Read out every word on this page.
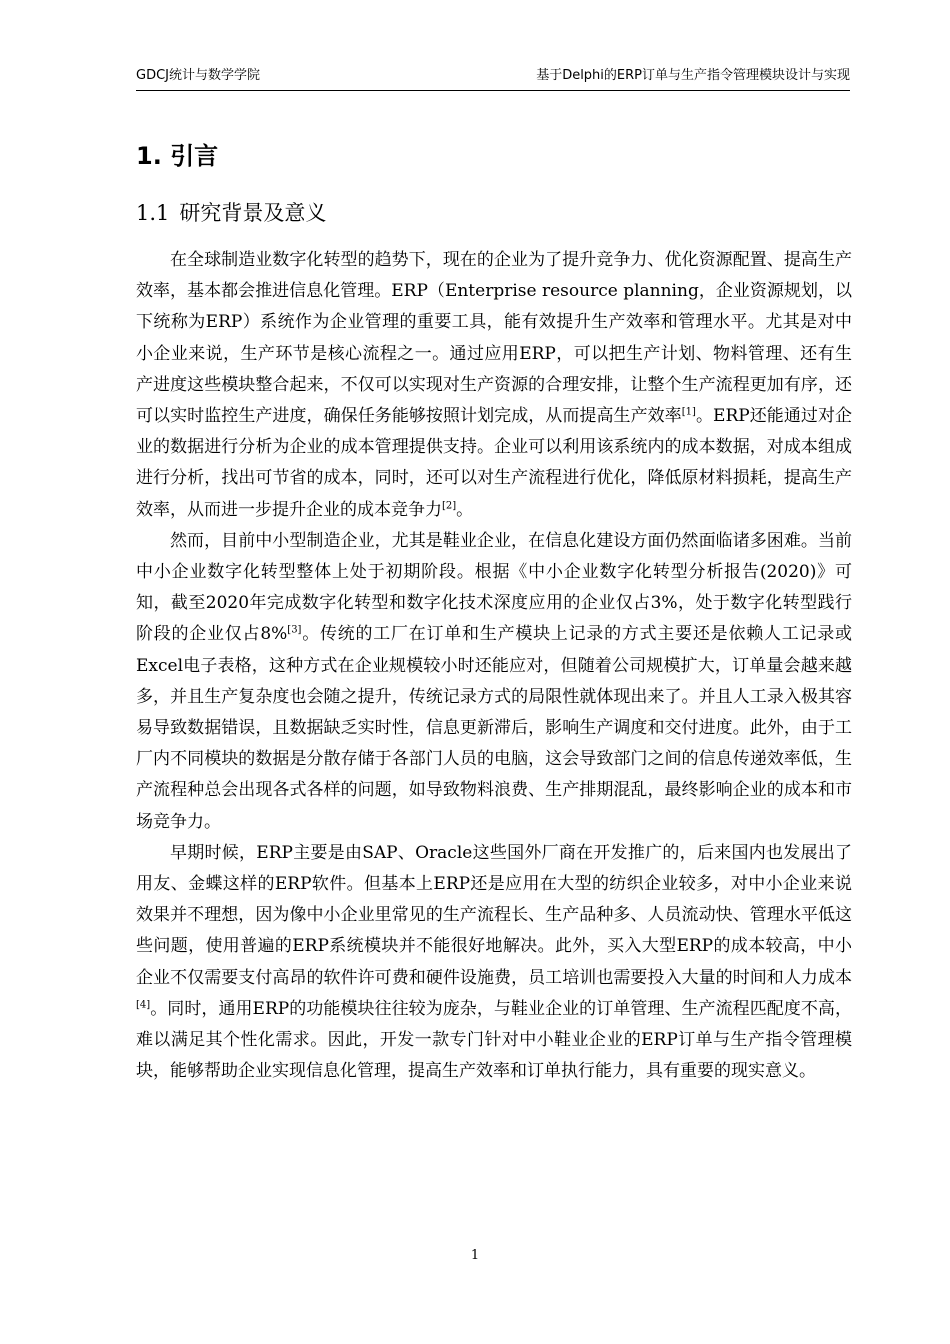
GDCJ统计与数学学院	基于Delphi的ERP订单与生产指令管理模块设计与实现
1. 引言
1.1 研究背景及意义

在全球制造业数字化转型的趋势下，现在的企业为了提升竞争力、优化资源配置、提高生产效率，基本都会推进信息化管理。ERP（Enterprise resource planning，企业资源规划，以下统称为ERP）系统作为企业管理的重要工具，能有效提升生产效率和管理水平。尤其是对中小企业来说，生产环节是核心流程之一。通过应用ERP，可以把生产计划、物料管理、还有生产进度这些模块整合起来，不仅可以实现对生产资源的合理安排，让整个生产流程更加有序，还可以实时监控生产进度，确保任务能够按照计划完成，从而提高生产效率[1]。ERP还能通过对企业的数据进行分析为企业的成本管理提供支持。企业可以利用该系统内的成本数据，对成本组成进行分析，找出可节省的成本，同时，还可以对生产流程进行优化，降低原材料损耗，提高生产效率，从而进一步提升企业的成本竞争力[2]。

然而，目前中小型制造企业，尤其是鞋业企业，在信息化建设方面仍然面临诸多困难。当前中小企业数字化转型整体上处于初期阶段。根据《中小企业数字化转型分析报告(2020)》可知，截至2020年完成数字化转型和数字化技术深度应用的企业仅占3%，处于数字化转型践行阶段的企业仅占8%[3]。传统的工厂在订单和生产模块上记录的方式主要还是依赖人工记录或Excel电子表格，这种方式在企业规模较小时还能应对，但随着公司规模扩大，订单量会越来越多，并且生产复杂度也会随之提升，传统记录方式的局限性就体现出来了。并且人工录入极其容易导致数据错误，且数据缺乏实时性，信息更新滞后，影响生产调度和交付进度。此外，由于工厂内不同模块的数据是分散存储于各部门人员的电脑，这会导致部门之间的信息传递效率低，生产流程种总会出现各式各样的问题，如导致物料浪费、生产排期混乱，最终影响企业的成本和市场竞争力。

早期时候，ERP主要是由SAP、Oracle这些国外厂商在开发推广的，后来国内也发展出了用友、金蝶这样的ERP软件。但基本上ERP还是应用在大型的纺织企业较多，对中小企业来说效果并不理想，因为像中小企业里常见的生产流程长、生产品种多、人员流动快、管理水平低这些问题，使用普遍的ERP系统模块并不能很好地解决。此外，买入大型ERP的成本较高，中小企业不仅需要支付高昂的软件许可费和硬件设施费，员工培训也需要投入大量的时间和人力成本[4]。同时，通用ERP的功能模块往往较为庞杂，与鞋业企业的订单管理、生产流程匹配度不高，难以满足其个性化需求。因此，开发一款专门针对中小鞋业企业的ERP订单与生产指令管理模块，能够帮助企业实现信息化管理，提高生产效率和订单执行能力，具有重要的现实意义。

1
